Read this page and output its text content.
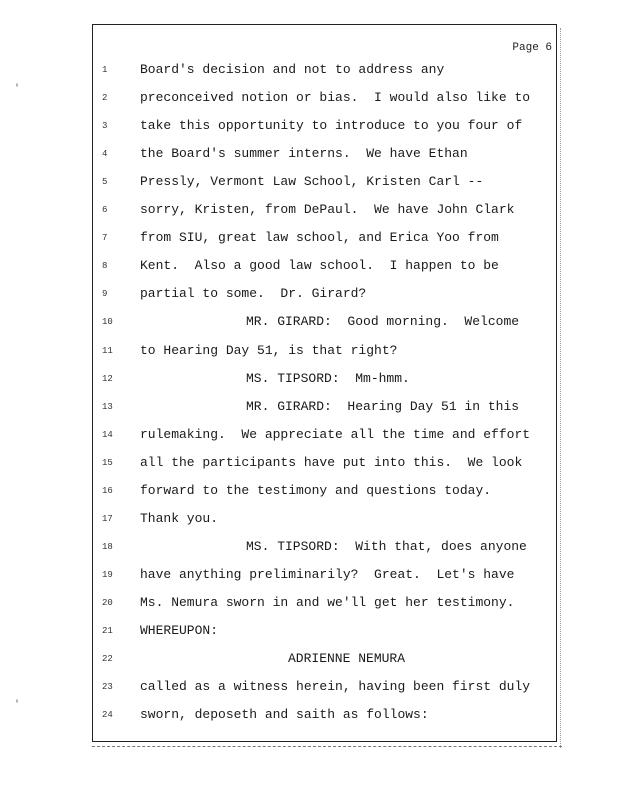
'
'
Page 6
1	Board's decision and not to address any
2	preconceived notion or bias.  I would also like to
3	take this opportunity to introduce to you four of
4	the Board's summer interns.  We have Ethan
5	Pressly, Vermont Law School, Kristen Carl --
6	sorry, Kristen, from DePaul.  We have John Clark
7	from SIU, great law school, and Erica Yoo from
8	Kent.  Also a good law school.  I happen to be
9	partial to some.  Dr. Girard?
10	MR. GIRARD:  Good morning.  Welcome
11	to Hearing Day 51, is that right?
12	MS. TIPSORD:  Mm-hmm.
13	MR. GIRARD:  Hearing Day 51 in this
14	rulemaking.  We appreciate all the time and effort
15	all the participants have put into this.  We look
16	forward to the testimony and questions today.
17	Thank you.
18	MS. TIPSORD:  With that, does anyone
19	have anything preliminarily?  Great.  Let's have
20	Ms. Nemura sworn in and we'll get her testimony.
21	WHEREUPON:
22	ADRIENNE NEMURA
23	called as a witness herein, having been first duly
24	sworn, deposeth and saith as follows:
